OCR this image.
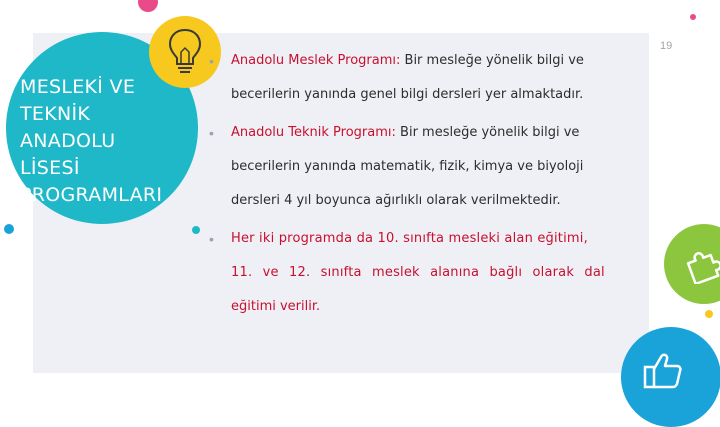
MESLEKİ VE
TEKNİK
ANADOLU
LİSESİ
PROGRAMLARI
19
• Anadolu Meslek Programı: Bir mesleğe yönelik bilgi ve
becerilerin yanında genel bilgi dersleri yer almaktadır.
• Anadolu Teknik Programı: Bir mesleğe yönelik bilgi ve
becerilerin yanında matematik, fizik, kimya ve biyoloji
dersleri 4 yıl boyunca ağırlıklı olarak verilmektedir.
• Her iki programda da 10. sınıfta mesleki alan eğitimi,
11. ve 12. sınıfta meslek alanına bağlı olarak dal
eğitimi verilir.
